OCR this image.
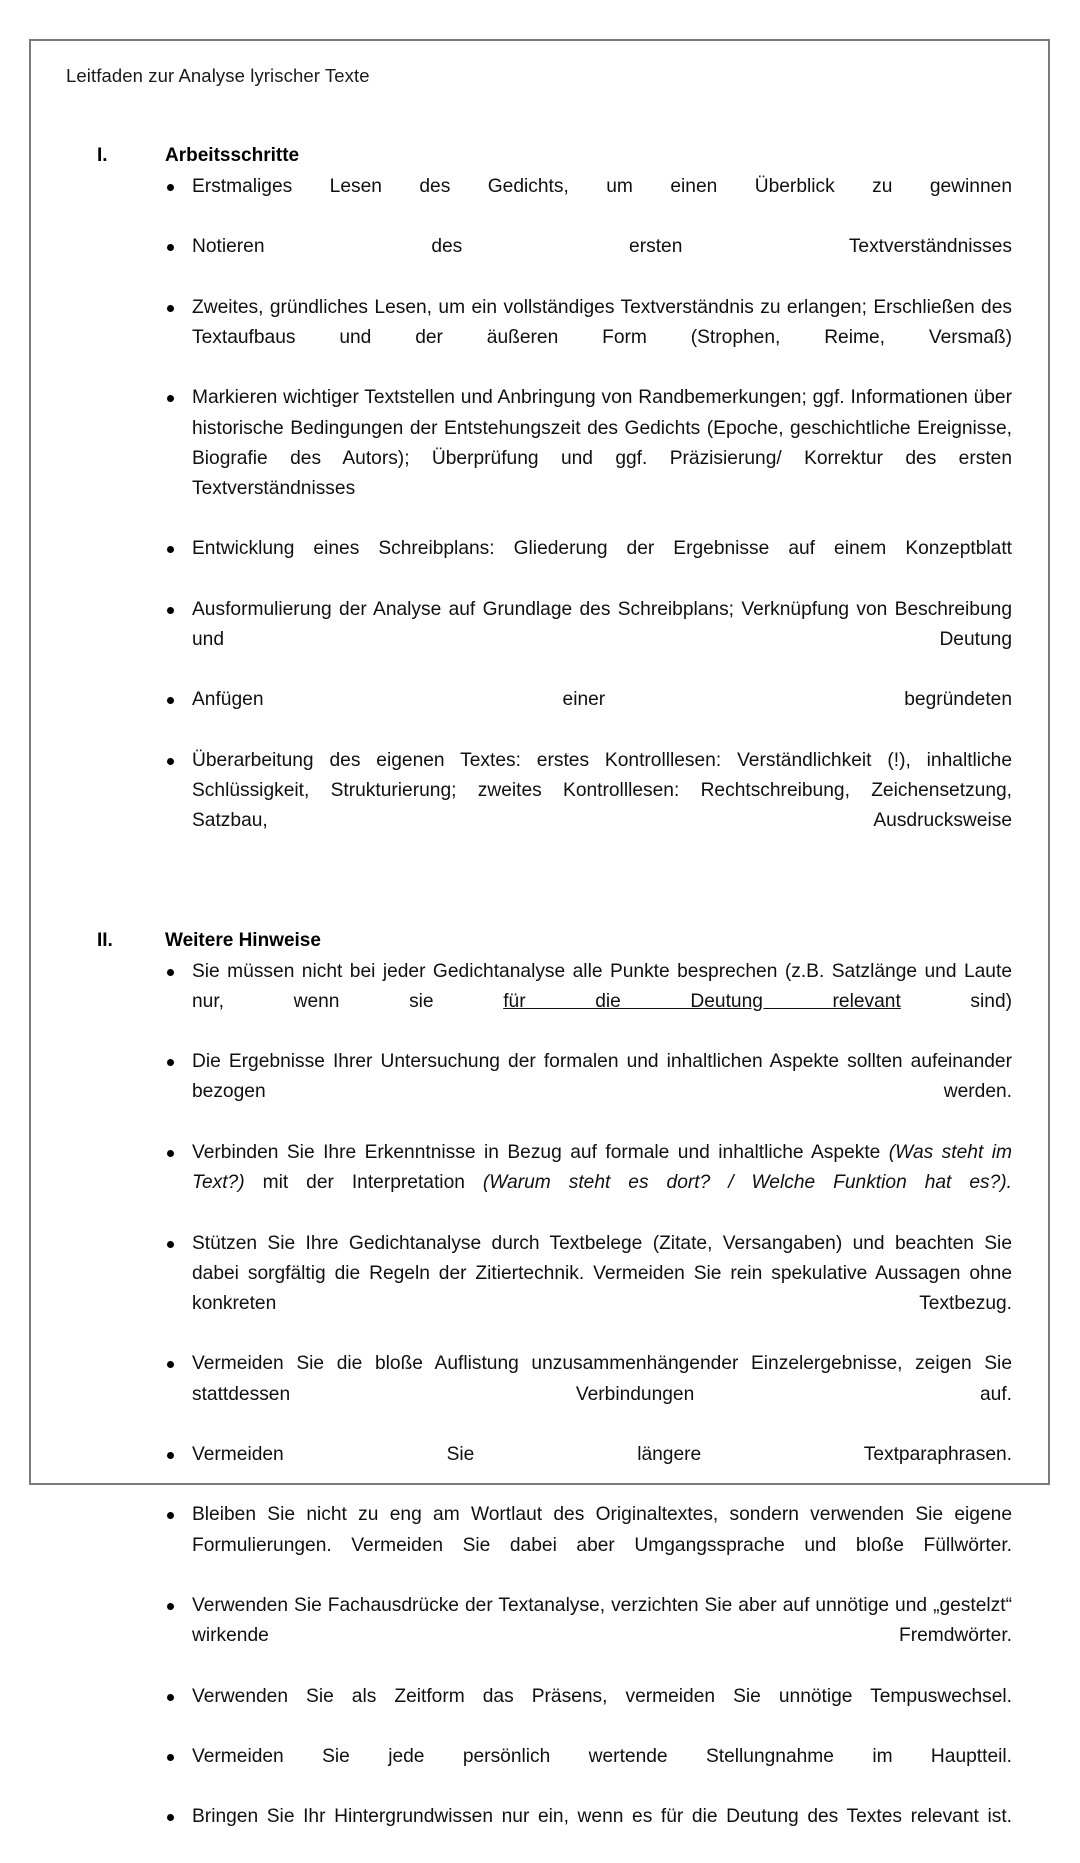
Leitfaden zur Analyse lyrischer Texte
I.	Arbeitsschritte
Erstmaliges Lesen des Gedichts, um einen Überblick zu gewinnen
Notieren des ersten Textverständnisses
Zweites, gründliches Lesen, um ein vollständiges Textverständnis zu erlangen; Erschließen des Textaufbaus und der äußeren Form (Strophen, Reime, Versmaß)
Markieren wichtiger Textstellen und Anbringung von Randbemerkungen; ggf. Informationen über historische Bedingungen der Entstehungszeit des Gedichts (Epoche, geschichtliche Ereignisse, Biografie des Autors); Überprüfung und ggf. Präzisierung/ Korrektur des ersten Textverständnisses
Entwicklung eines Schreibplans: Gliederung der Ergebnisse auf einem Konzeptblatt
Ausformulierung der Analyse auf Grundlage des Schreibplans; Verknüpfung von Beschreibung und Deutung
Anfügen einer begründeten
Überarbeitung des eigenen Textes: erstes Kontrolllesen: Verständlichkeit (!), inhaltliche Schlüssigkeit, Strukturierung; zweites Kontrolllesen: Rechtschreibung, Zeichensetzung, Satzbau, Ausdrucksweise
II.	Weitere Hinweise
Sie müssen nicht bei jeder Gedichtanalyse alle Punkte besprechen (z.B. Satzlänge und Laute nur, wenn sie für die Deutung relevant sind)
Die Ergebnisse Ihrer Untersuchung der formalen und inhaltlichen Aspekte sollten aufeinander bezogen werden.
Verbinden Sie Ihre Erkenntnisse in Bezug auf formale und inhaltliche Aspekte (Was steht im Text?) mit der Interpretation (Warum steht es dort? / Welche Funktion hat es?).
Stützen Sie Ihre Gedichtanalyse durch Textbelege (Zitate, Versangaben) und beachten Sie dabei sorgfältig die Regeln der Zitiertechnik. Vermeiden Sie rein spekulative Aussagen ohne konkreten Textbezug.
Vermeiden Sie die bloße Auflistung unzusammenhängender Einzelergebnisse, zeigen Sie stattdessen Verbindungen auf.
Vermeiden Sie längere Textparaphrasen.
Bleiben Sie nicht zu eng am Wortlaut des Originaltextes, sondern verwenden Sie eigene Formulierungen. Vermeiden Sie dabei aber Umgangssprache und bloße Füllwörter.
Verwenden Sie Fachausdrücke der Textanalyse, verzichten Sie aber auf unnötige und „gestelzt“ wirkende Fremdwörter.
Verwenden Sie als Zeitform das Präsens, vermeiden Sie unnötige Tempuswechsel.
Vermeiden Sie jede persönlich wertende Stellungnahme im Hauptteil.
Bringen Sie Ihr Hintergrundwissen nur ein, wenn es für die Deutung des Textes relevant ist.
